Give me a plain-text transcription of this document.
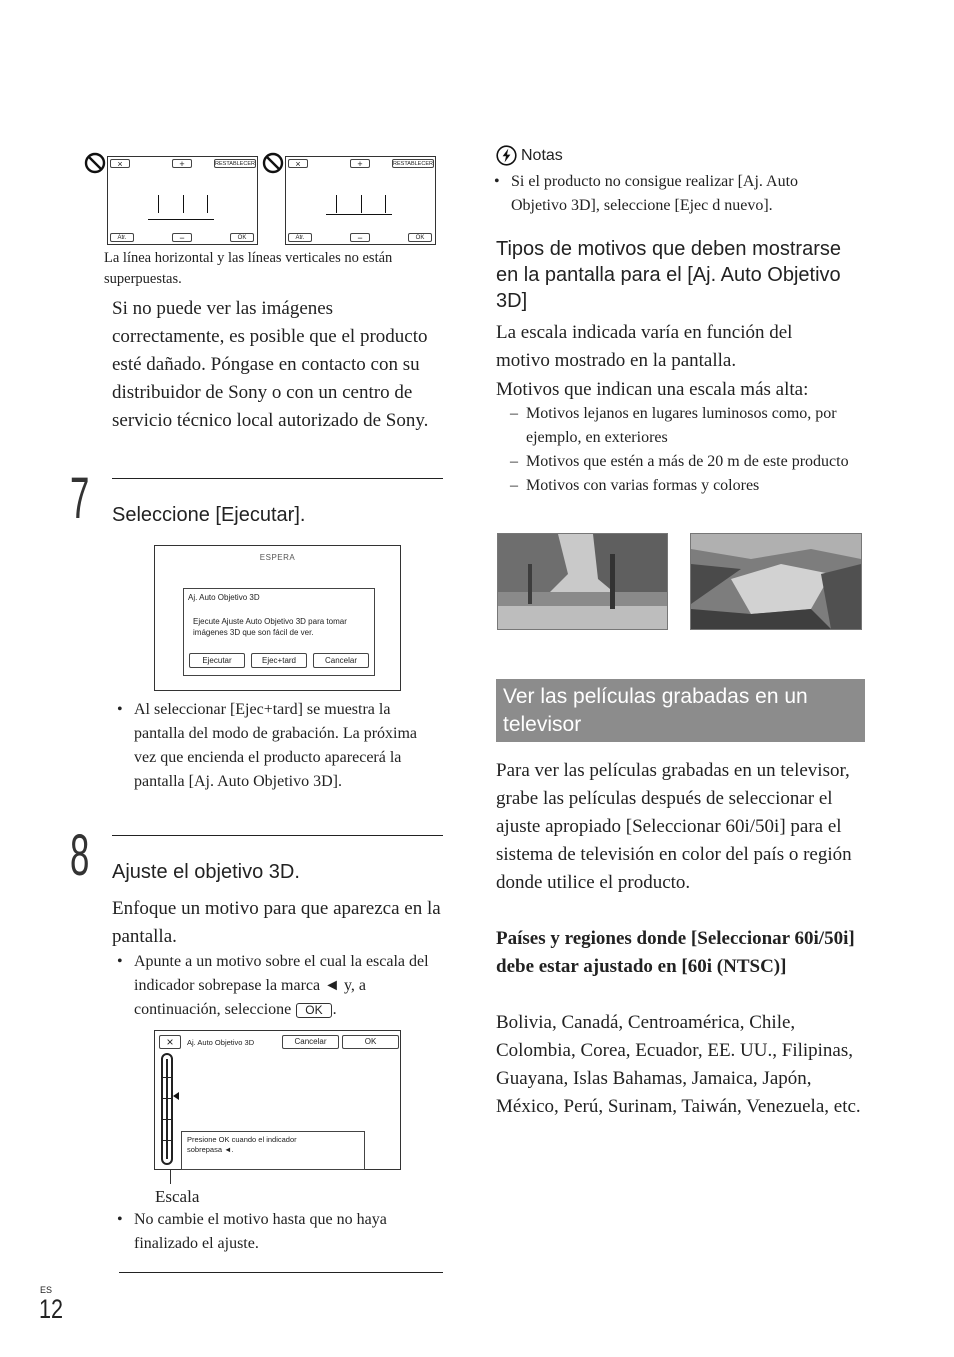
×	+	RESTABLECER
Atr.	−	OK
×	+	RESTABLECER
Atr.	−	OK
La línea horizontal y las líneas verticales no están superpuestas.
Si no puede ver las imágenes correctamente, es posible que el producto esté dañado. Póngase en contacto con su distribuidor de Sony o con un centro de servicio técnico local autorizado de Sony.
7 Seleccione [Ejecutar].
ESPERA
Aj. Auto Objetivo 3D
Ejecute Ajuste Auto Objetivo 3D para tomar imágenes 3D que son fácil de ver.
Ejecutar	Ejec+tard	Cancelar
• Al seleccionar [Ejec+tard] se muestra la pantalla del modo de grabación. La próxima vez que encienda el producto aparecerá la pantalla [Aj. Auto Objetivo 3D].
8 Ajuste el objetivo 3D.
Enfoque un motivo para que aparezca en la pantalla.
• Apunte a un motivo sobre el cual la escala del indicador sobrepase la marca ◄ y, a continuación, seleccione OK .
×	Aj. Auto Objetivo 3D	Cancelar	OK
Presione OK cuando el indicador sobrepasa ◄.
Escala
• No cambie el motivo hasta que no haya finalizado el ajuste.
ES
12
Notas
• Si el producto no consigue realizar [Aj. Auto Objetivo 3D], seleccione [Ejec d nuevo].
Tipos de motivos que deben mostrarse en la pantalla para el [Aj. Auto Objetivo 3D]
La escala indicada varía en función del motivo mostrado en la pantalla.
Motivos que indican una escala más alta:
– Motivos lejanos en lugares luminosos como, por ejemplo, en exteriores
– Motivos que estén a más de 20 m de este producto
– Motivos con varias formas y colores
Ver las películas grabadas en un televisor
Para ver las películas grabadas en un televisor, grabe las películas después de seleccionar el ajuste apropiado [Seleccionar 60i/50i] para el sistema de televisión en color del país o región donde utilice el producto.
Países y regiones donde [Seleccionar 60i/50i] debe estar ajustado en [60i (NTSC)]
Bolivia, Canadá, Centroamérica, Chile, Colombia, Corea, Ecuador, EE. UU., Filipinas, Guayana, Islas Bahamas, Jamaica, Japón, México, Perú, Surinam, Taiwán, Venezuela, etc.
